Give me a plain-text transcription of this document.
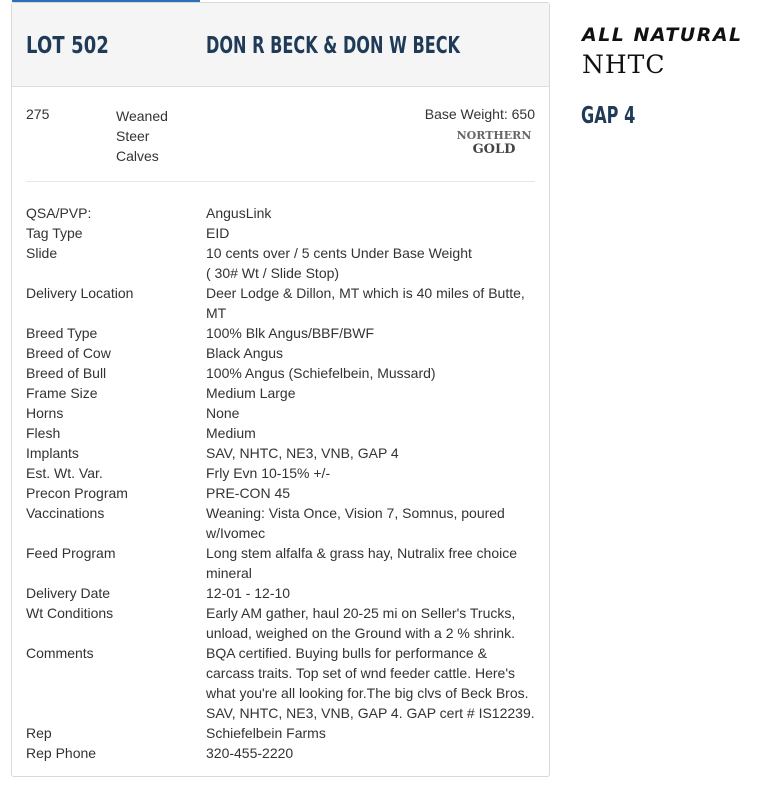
LOT 502	DON R BECK & DON W BECK
275	Weaned
Steer
Calves
Base Weight: 650
NORTHERN
GOLD
QSA/PVP:	AngusLink
Tag Type	EID
Slide	10 cents over / 5 cents Under Base Weight
( 30# Wt / Slide Stop)
Delivery Location	Deer Lodge & Dillon, MT which is 40 miles of Butte,
MT
Breed Type	100% Blk Angus/BBF/BWF
Breed of Cow	Black Angus
Breed of Bull	100% Angus (Schiefelbein, Mussard)
Frame Size	Medium Large
Horns	None
Flesh	Medium
Implants	SAV, NHTC, NE3, VNB, GAP 4
Est. Wt. Var.	Frly Evn 10-15% +/-
Precon Program	PRE-CON 45
Vaccinations	Weaning: Vista Once, Vision 7, Somnus, poured
w/Ivomec
Feed Program	Long stem alfalfa & grass hay, Nutralix free choice
mineral
Delivery Date	12-01 - 12-10
Wt Conditions	Early AM gather, haul 20-25 mi on Seller's Trucks,
unload, weighed on the Ground with a 2 % shrink.
Comments	BQA certified. Buying bulls for performance &
carcass traits. Top set of wnd feeder cattle. Here's
what you're all looking for.The big clvs of Beck Bros.
SAV, NHTC, NE3, VNB, GAP 4. GAP cert # IS12239.
Rep	Schiefelbein Farms
Rep Phone	320-455-2220
ALL NATURAL
NHTC
GAP 4
